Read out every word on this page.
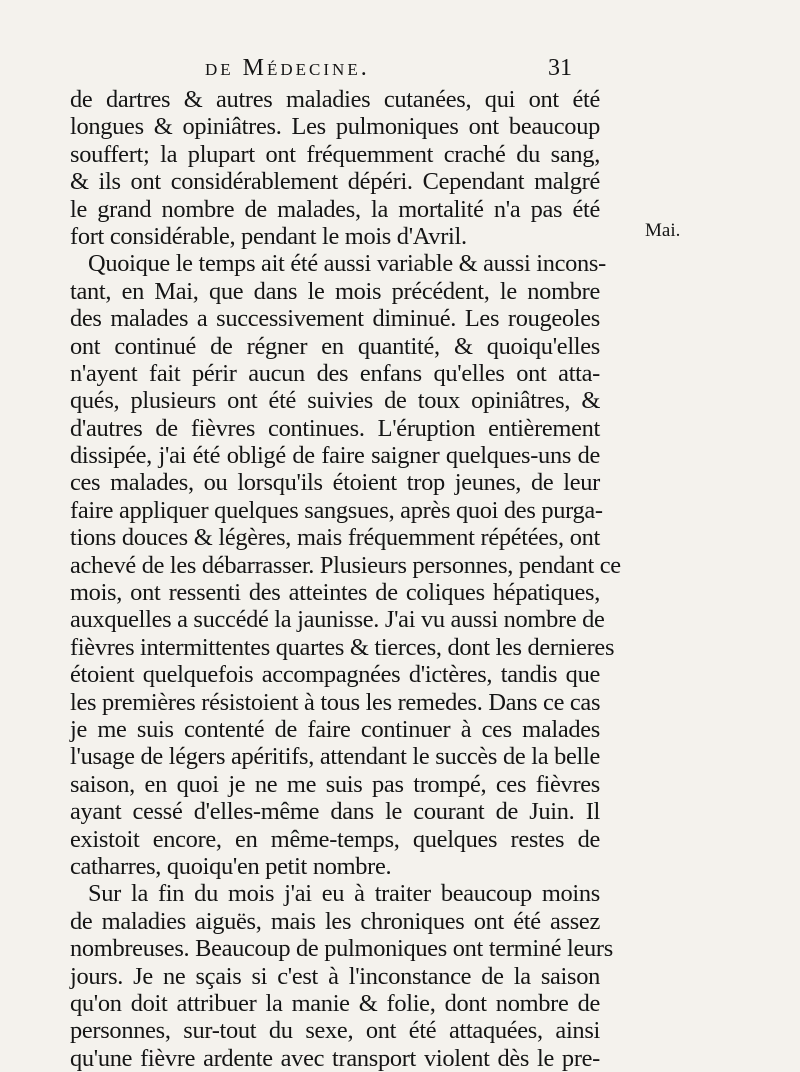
de Médecine.	31
de dartres & autres maladies cutanées, qui ont été
longues & opiniâtres. Les pulmoniques ont beaucoup
souffert; la plupart ont fréquemment craché du sang,
& ils ont considérablement dépéri. Cependant malgré
le grand nombre de malades, la mortalité n'a pas été
fort considérable, pendant le mois d'Avril.
Quoique le temps ait été aussi variable & aussi incons-
tant, en Mai, que dans le mois précédent, le nombre
des malades a successivement diminué. Les rougeoles
ont continué de régner en quantité, & quoiqu'elles
n'ayent fait périr aucun des enfans qu'elles ont atta-
qués, plusieurs ont été suivies de toux opiniâtres, &
d'autres de fièvres continues. L'éruption entièrement
dissipée, j'ai été obligé de faire saigner quelques-uns de
ces malades, ou lorsqu'ils étoient trop jeunes, de leur
faire appliquer quelques sangsues, après quoi des purga-
tions douces & légères, mais fréquemment répétées, ont
achevé de les débarrasser. Plusieurs personnes, pendant ce
mois, ont ressenti des atteintes de coliques hépatiques,
auxquelles a succédé la jaunisse. J'ai vu aussi nombre de
fièvres intermittentes quartes & tierces, dont les dernieres
étoient quelquefois accompagnées d'ictères, tandis que
les premières résistoient à tous les remedes. Dans ce cas
je me suis contenté de faire continuer à ces malades
l'usage de légers apéritifs, attendant le succès de la belle
saison, en quoi je ne me suis pas trompé, ces fièvres
ayant cessé d'elles-même dans le courant de Juin. Il
existoit encore, en même-temps, quelques restes de
catharres, quoiqu'en petit nombre.
Sur la fin du mois j'ai eu à traiter beaucoup moins
de maladies aiguës, mais les chroniques ont été assez
nombreuses. Beaucoup de pulmoniques ont terminé leurs
jours. Je ne sçais si c'est à l'inconstance de la saison
qu'on doit attribuer la manie & folie, dont nombre de
personnes, sur-tout du sexe, ont été attaquées, ainsi
qu'une fièvre ardente avec transport violent dès le pre-
Mai.
